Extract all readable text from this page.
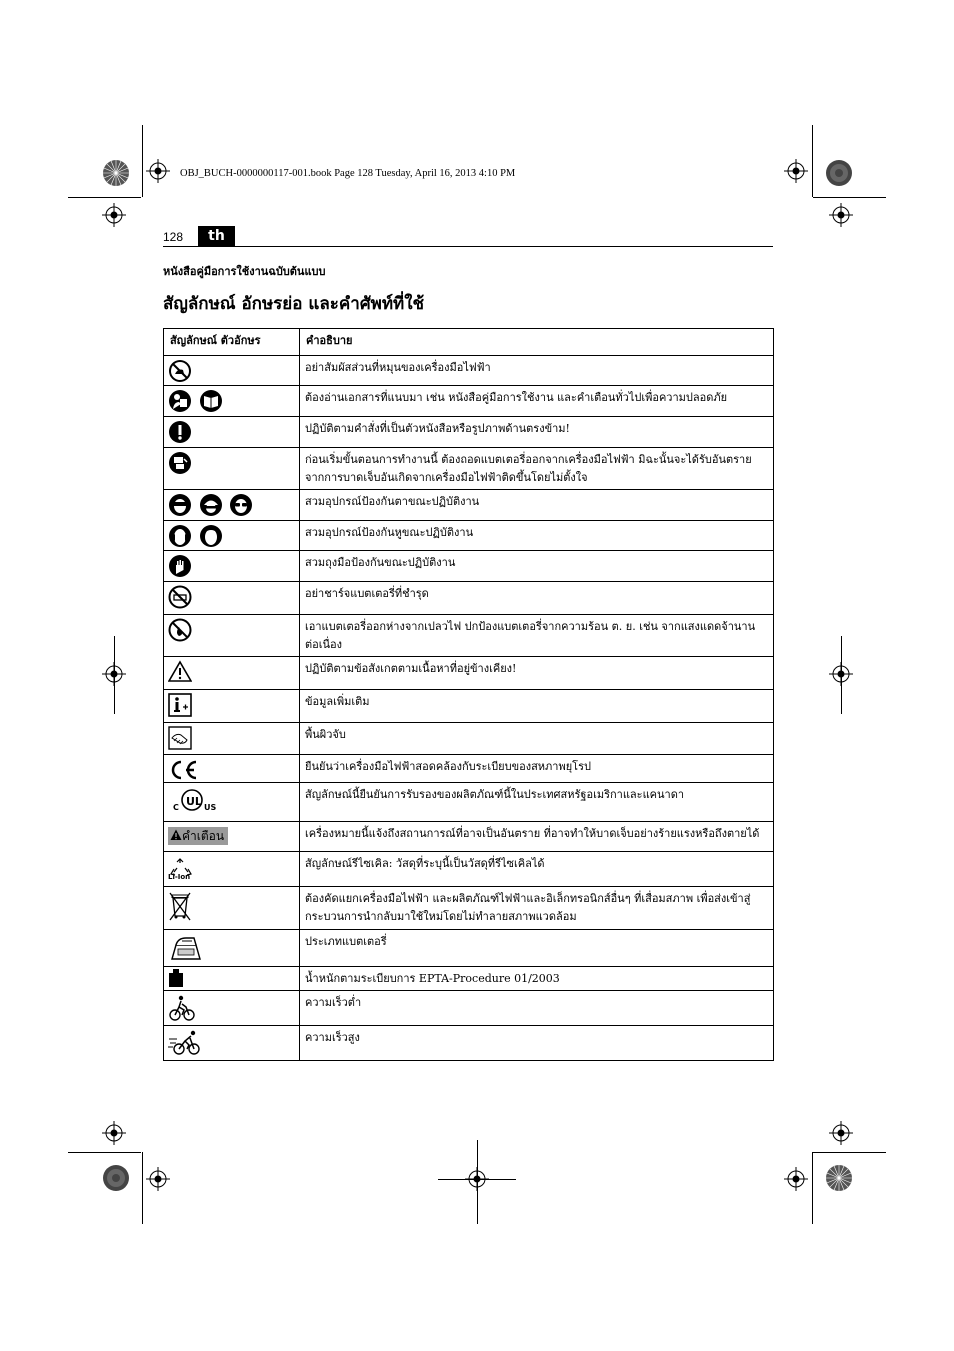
OBJ_BUCH-0000000117-001.book Page 128 Tuesday, April 16, 2013 4:10 PM
128	th
หนังสือคู่มือการใช้งานฉบับต้นแบบ
สัญลักษณ์ อักษรย่อ และคำศัพท์ที่ใช้
สัญลักษณ์ ตัวอักษร	คำอธิบาย

	อย่าสัมผัสส่วนที่หมุนของเครื่องมือไฟฟ้า

	ต้องอ่านเอกสารที่แนบมา เช่น หนังสือคู่มือการใช้งาน และคำเตือนทั่วไปเพื่อความปลอดภัย

	ปฏิบัติตามคำสั่งที่เป็นตัวหนังสือหรือรูปภาพด้านตรงข้าม!

	ก่อนเริ่มขั้นตอนการทำงานนี้ ต้องถอดแบตเตอรี่ออกจากเครื่องมือไฟฟ้า มิฉะนั้นจะได้รับอันตรายจากการบาดเจ็บอันเกิดจากเครื่องมือไฟฟ้าติดขึ้นโดยไม่ตั้งใจ

	สวมอุปกรณ์ป้องกันตาขณะปฏิบัติงาน

	สวมอุปกรณ์ป้องกันหูขณะปฏิบัติงาน

	สวมถุงมือป้องกันขณะปฏิบัติงาน

	อย่าชาร์จแบตเตอรี่ที่ชำรุด

	เอาแบตเตอรี่ออกห่างจากเปลวไฟ ปกป้องแบตเตอรี่จากความร้อน ต. ย. เช่น จากแสงแดดจ้านานต่อเนื่อง

	ปฏิบัติตามข้อสังเกตตามเนื้อหาที่อยู่ข้างเคียง!

	ข้อมูลเพิ่มเติม

	พื้นผิวจับ

	ยืนยันว่าเครื่องมือไฟฟ้าสอดคล้องกับระเบียบของสหภาพยุโรป

C UL US	สัญลักษณ์นี้ยืนยันการรับรองของผลิตภัณฑ์นี้ในประเทศสหรัฐอเมริกาและแคนาดา
คำเตือน	เครื่องหมายนี้แจ้งถึงสถานการณ์ที่อาจเป็นอันตราย ที่อาจทำให้บาดเจ็บอย่างร้ายแรงหรือถึงตายได้

Li-Ion	สัญลักษณ์รีไซเคิล: วัสดุที่ระบุนี้เป็นวัสดุที่รีไซเคิลได้

	ต้องคัดแยกเครื่องมือไฟฟ้า และผลิตภัณฑ์ไฟฟ้าและอิเล็กทรอนิกส์อื่นๆ ที่เสื่อมสภาพ เพื่อส่งเข้าสู่กระบวนการนำกลับมาใช้ใหม่โดยไม่ทำลายสภาพแวดล้อม

	ประเภทแบตเตอรี่

	น้ำหนักตามระเบียบการ EPTA-Procedure 01/2003

	ความเร็วต่ำ

	ความเร็วสูง
